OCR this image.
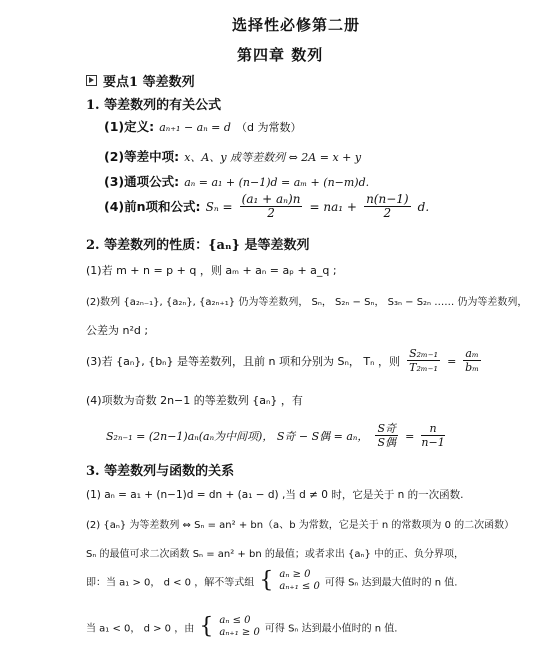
选择性必修第二册
第四章 数列
要点1 等差数列
1. 等差数列的有关公式
(1)定义: aₙ₊₁ − aₙ = d （d 为常数）
(2)等差中项: x、A、y 成等差数列 ⇔ 2A = x + y
(3)通项公式: aₙ = a₁ + (n−1)d = aₘ + (n−m)d.
(4)前n项和公式: $S_n = \frac{\text{(a₁ + aₙ)n}}{2} = na_1 + \frac{n(n-1)}{2} d$.
2. 等差数列的性质：{aₙ} 是等差数列
(1)若 m + n = p + q ，则 aₘ + aₙ = aₚ + a_q ;
(2)数列 {a₂ₙ₋₁}, {a₂ₙ}, {a₂ₙ₊₁} 仍为等差数列， Sₙ， S₂ₙ − Sₙ， S₃ₙ − S₂ₙ …… 仍为等差数列，
公差为 n²d ;
(3)若 {aₙ}, {bₙ} 是等差数列，且前 n 项和分别为 Sₙ， Tₙ ，则 $\frac{\text{S₂ₘ₋₁}}{\text{T₂ₘ₋₁}} = \frac{\text{aₘ}}{\text{bₘ}}$
(4)项数为奇数 2n−1 的等差数列 {aₙ} ，有
S₂ₙ₋₁ = (2n−1)aₙ(aₙ为中间项)， S奇 − S偶 = aₙ， $\frac{\text{S奇}}{\text{S偶}} = \frac{n}{n-1}$
3. 等差数列与函数的关系
(1) aₙ = a₁ + (n−1)d = dn + (a₁ − d) ,当 d ≠ 0 时，它是关于 n 的一次函数.
(2) {aₙ} 为等差数列 ⇔ Sₙ = an² + bn（a、b 为常数，它是关于 n 的常数项为 0 的二次函数）
Sₙ 的最值可求二次函数 Sₙ = an² + bn 的最值；或者求出 {aₙ} 中的正、负分界项，
即：当 a₁ > 0， d < 0 ，解不等式组 { aₙ ≥ 0
aₙ₊₁ ≤ 0 可得 Sₙ 达到最大值时的 n 值.
当 a₁ < 0， d > 0 ，由 { aₙ ≤ 0
aₙ₊₁ ≥ 0 可得 Sₙ 达到最小值时的 n 值.
